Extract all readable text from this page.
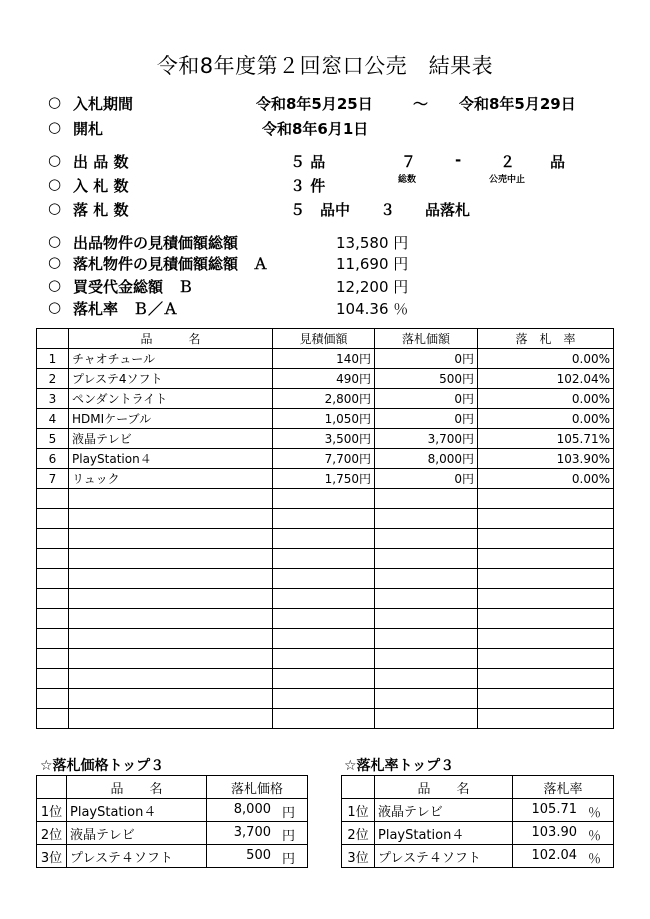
令和8年度第２回窓口公売　結果表
○ 入札期間	令和8年5月25日	～ 令和8年5月29日
○ 開札	令和8年6月1日
○ 出 品 数	５ 品	７	-	２ 品
総数	公売中止
○ 入 札 数	３ 件
○ 落 札 数	５　品中　　３　　品落札
○ 出品物件の見積価額総額	13,580 円
○ 落札物件の見積価額総額　Ａ	11,690 円
○ 買受代金総額　Ｂ	12,200 円
○ 落札率　Ｂ／Ａ	104.36 ％
	品　　　名	見積価額	落札価額	落　札　率
1	チャオチュール	140円	0円	0.00%
2	プレステ4ソフト	490円	500円	102.04%
3	ペンダントライト	2,800円	0円	0.00%
4	HDMIケーブル	1,050円	0円	0.00%
5	液晶テレビ	3,500円	3,700円	105.71%
6	PlayStation４	7,700円	8,000円	103.90%
7	リュック	1,750円	0円	0.00%

☆落札価格トップ３
	品　　名	落札価格
1位	PlayStation４	8,000 円

2位	液晶テレビ	3,700 円

3位	プレステ４ソフト	500 円
☆落札率トップ３
	品　　名	落札率
1位	液晶テレビ	105.71 ％

2位	PlayStation４	103.90 ％

3位	プレステ４ソフト	102.04 ％
